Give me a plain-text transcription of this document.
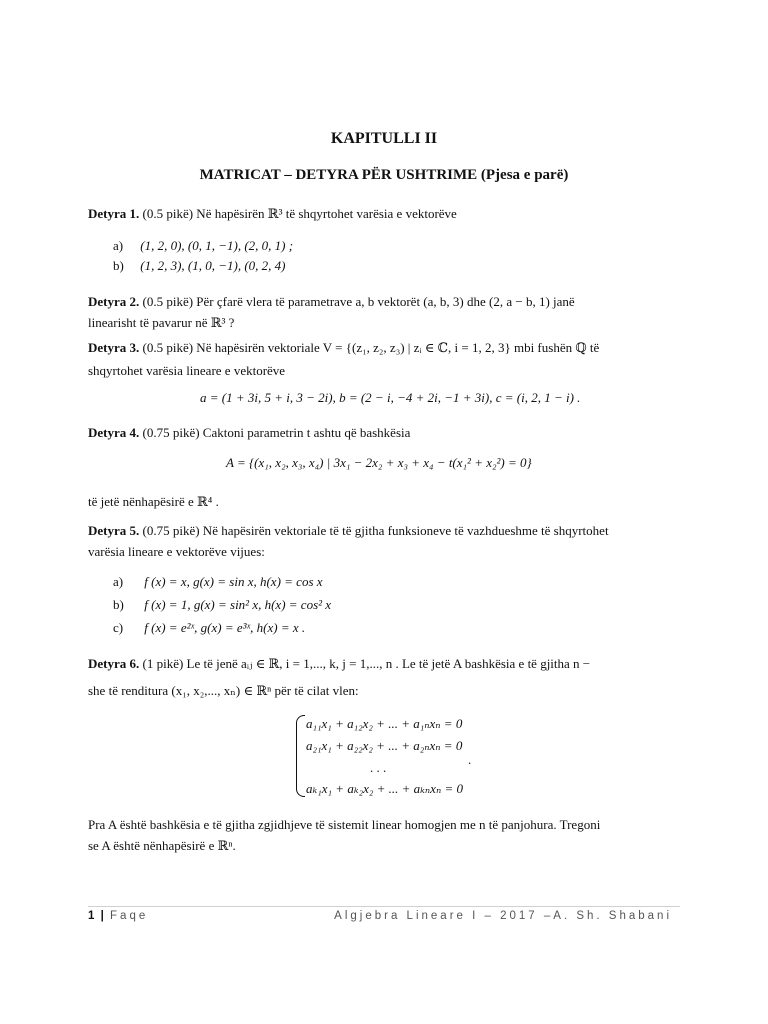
KAPITULLI II
MATRICAT – DETYRA PËR USHTRIME (Pjesa e parë)
Detyra 1. (0.5 pikë) Në hapësirën ℝ³ të shqyrtohet varësia e vektorëve
a) (1, 2, 0), (0, 1, −1), (2, 0, 1) ;
b) (1, 2, 3), (1, 0, −1), (0, 2, 4)
Detyra 2. (0.5 pikë) Për çfarë vlera të parametrave a, b vektorët (a, b, 3) dhe (2, a − b, 1) janë
linearisht të pavarur në ℝ³ ?
Detyra 3. (0.5 pikë) Në hapësirën vektoriale V = {(z₁, z₂, z₃) | zᵢ ∈ ℂ, i = 1, 2, 3} mbi fushën ℚ të
shqyrtohet varësia lineare e vektorëve
a = (1 + 3i, 5 + i, 3 − 2i), b = (2 − i, −4 + 2i, −1 + 3i), c = (i, 2, 1 − i) .
Detyra 4. (0.75 pikë) Caktoni parametrin t ashtu që bashkësia
A = {(x₁, x₂, x₃, x₄) | 3x₁ − 2x₂ + x₃ + x₄ − t(x₁² + x₂²) = 0}
të jetë nënhapësirë e ℝ⁴ .
Detyra 5. (0.75 pikë) Në hapësirën vektoriale të të gjitha funksioneve të vazhdueshme të shqyrtohet
varësia lineare e vektorëve vijues:
a) f (x) = x, g(x) = sin x, h(x) = cos x
b) f (x) = 1, g(x) = sin² x, h(x) = cos² x
c) f (x) = e²ˣ, g(x) = e³ˣ, h(x) = x .
Detyra 6. (1 pikë) Le të jenë aᵢⱼ ∈ ℝ, i = 1,..., k, j = 1,..., n . Le të jetë A bashkësia e të gjitha n −
she të renditura (x₁, x₂,..., xₙ) ∈ ℝⁿ për të cilat vlen:
a₁₁x₁ + a₁₂x₂ + ... + a₁ₙxₙ = 0
a₂₁x₁ + a₂₂x₂ + ... + a₂ₙxₙ = 0
. . .
aₖ₁x₁ + aₖ₂x₂ + ... + aₖₙxₙ = 0
.
Pra A është bashkësia e të gjitha zgjidhjeve të sistemit linear homogjen me n të panjohura. Tregoni
se A është nënhapësirë e ℝⁿ.
1 | Faqe	Algjebra Lineare I – 2017 –A. Sh. Shabani
